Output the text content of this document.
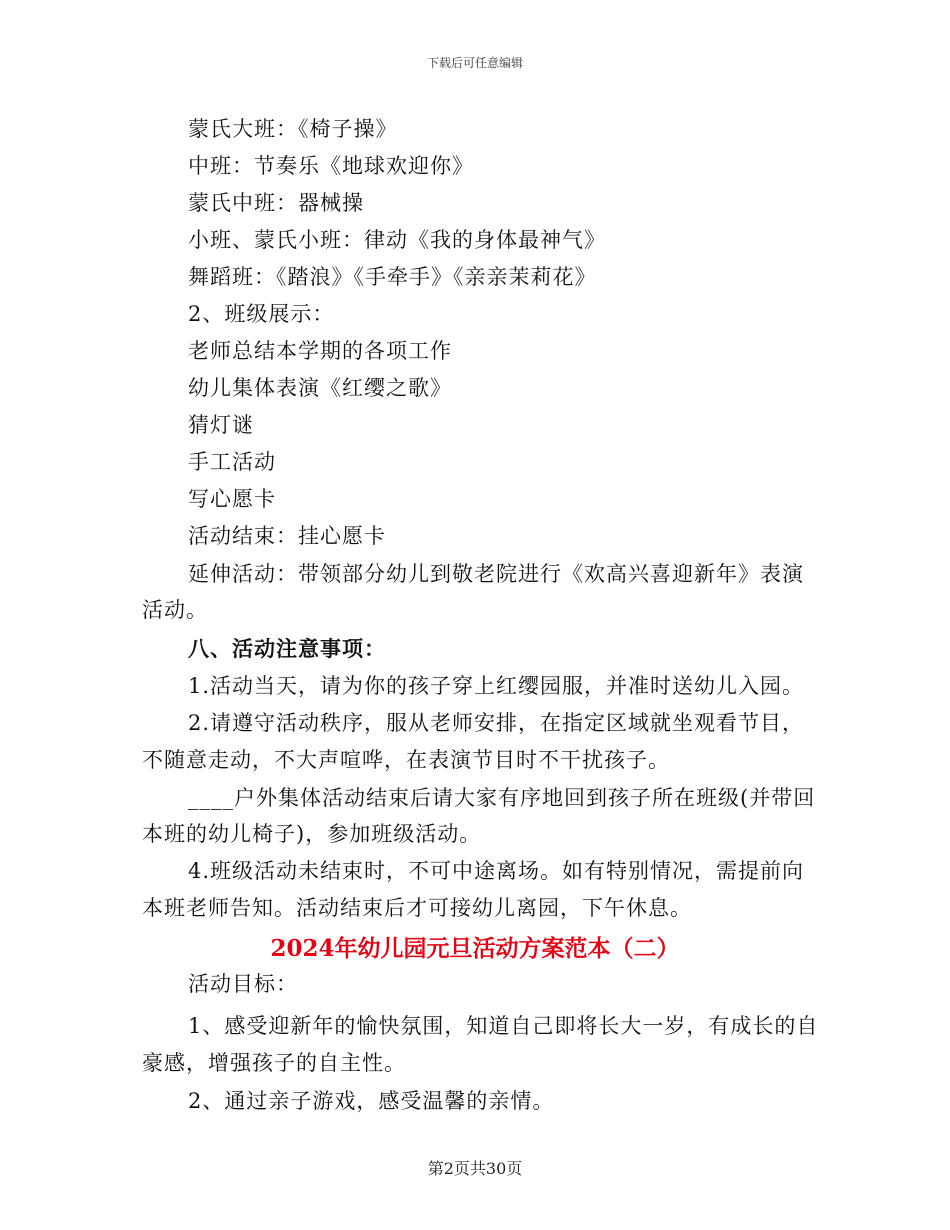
下载后可任意编辑
蒙氏大班：《椅子操》
中班：节奏乐《地球欢迎你》
蒙氏中班：器械操
小班、蒙氏小班：律动《我的身体最神气》
舞蹈班：《踏浪》《手牵手》《亲亲茉莉花》
2、班级展示：
老师总结本学期的各项工作
幼儿集体表演《红缨之歌》
猜灯谜
手工活动
写心愿卡
活动结束：挂心愿卡
延伸活动：带领部分幼儿到敬老院进行《欢高兴喜迎新年》表演
活动。
八、活动注意事项：
1.活动当天，请为你的孩子穿上红缨园服，并准时送幼儿入园。
2.请遵守活动秩序，服从老师安排，在指定区域就坐观看节目，
不随意走动，不大声喧哗，在表演节目时不干扰孩子。
____户外集体活动结束后请大家有序地回到孩子所在班级(并带回
本班的幼儿椅子)，参加班级活动。
4.班级活动未结束时，不可中途离场。如有特别情况，需提前向
本班老师告知。活动结束后才可接幼儿离园，下午休息。
2024年幼儿园元旦活动方案范本（二）
活动目标：
1、感受迎新年的愉快氛围，知道自己即将长大一岁，有成长的自
豪感，增强孩子的自主性。
2、通过亲子游戏，感受温馨的亲情。
第2页共30页
